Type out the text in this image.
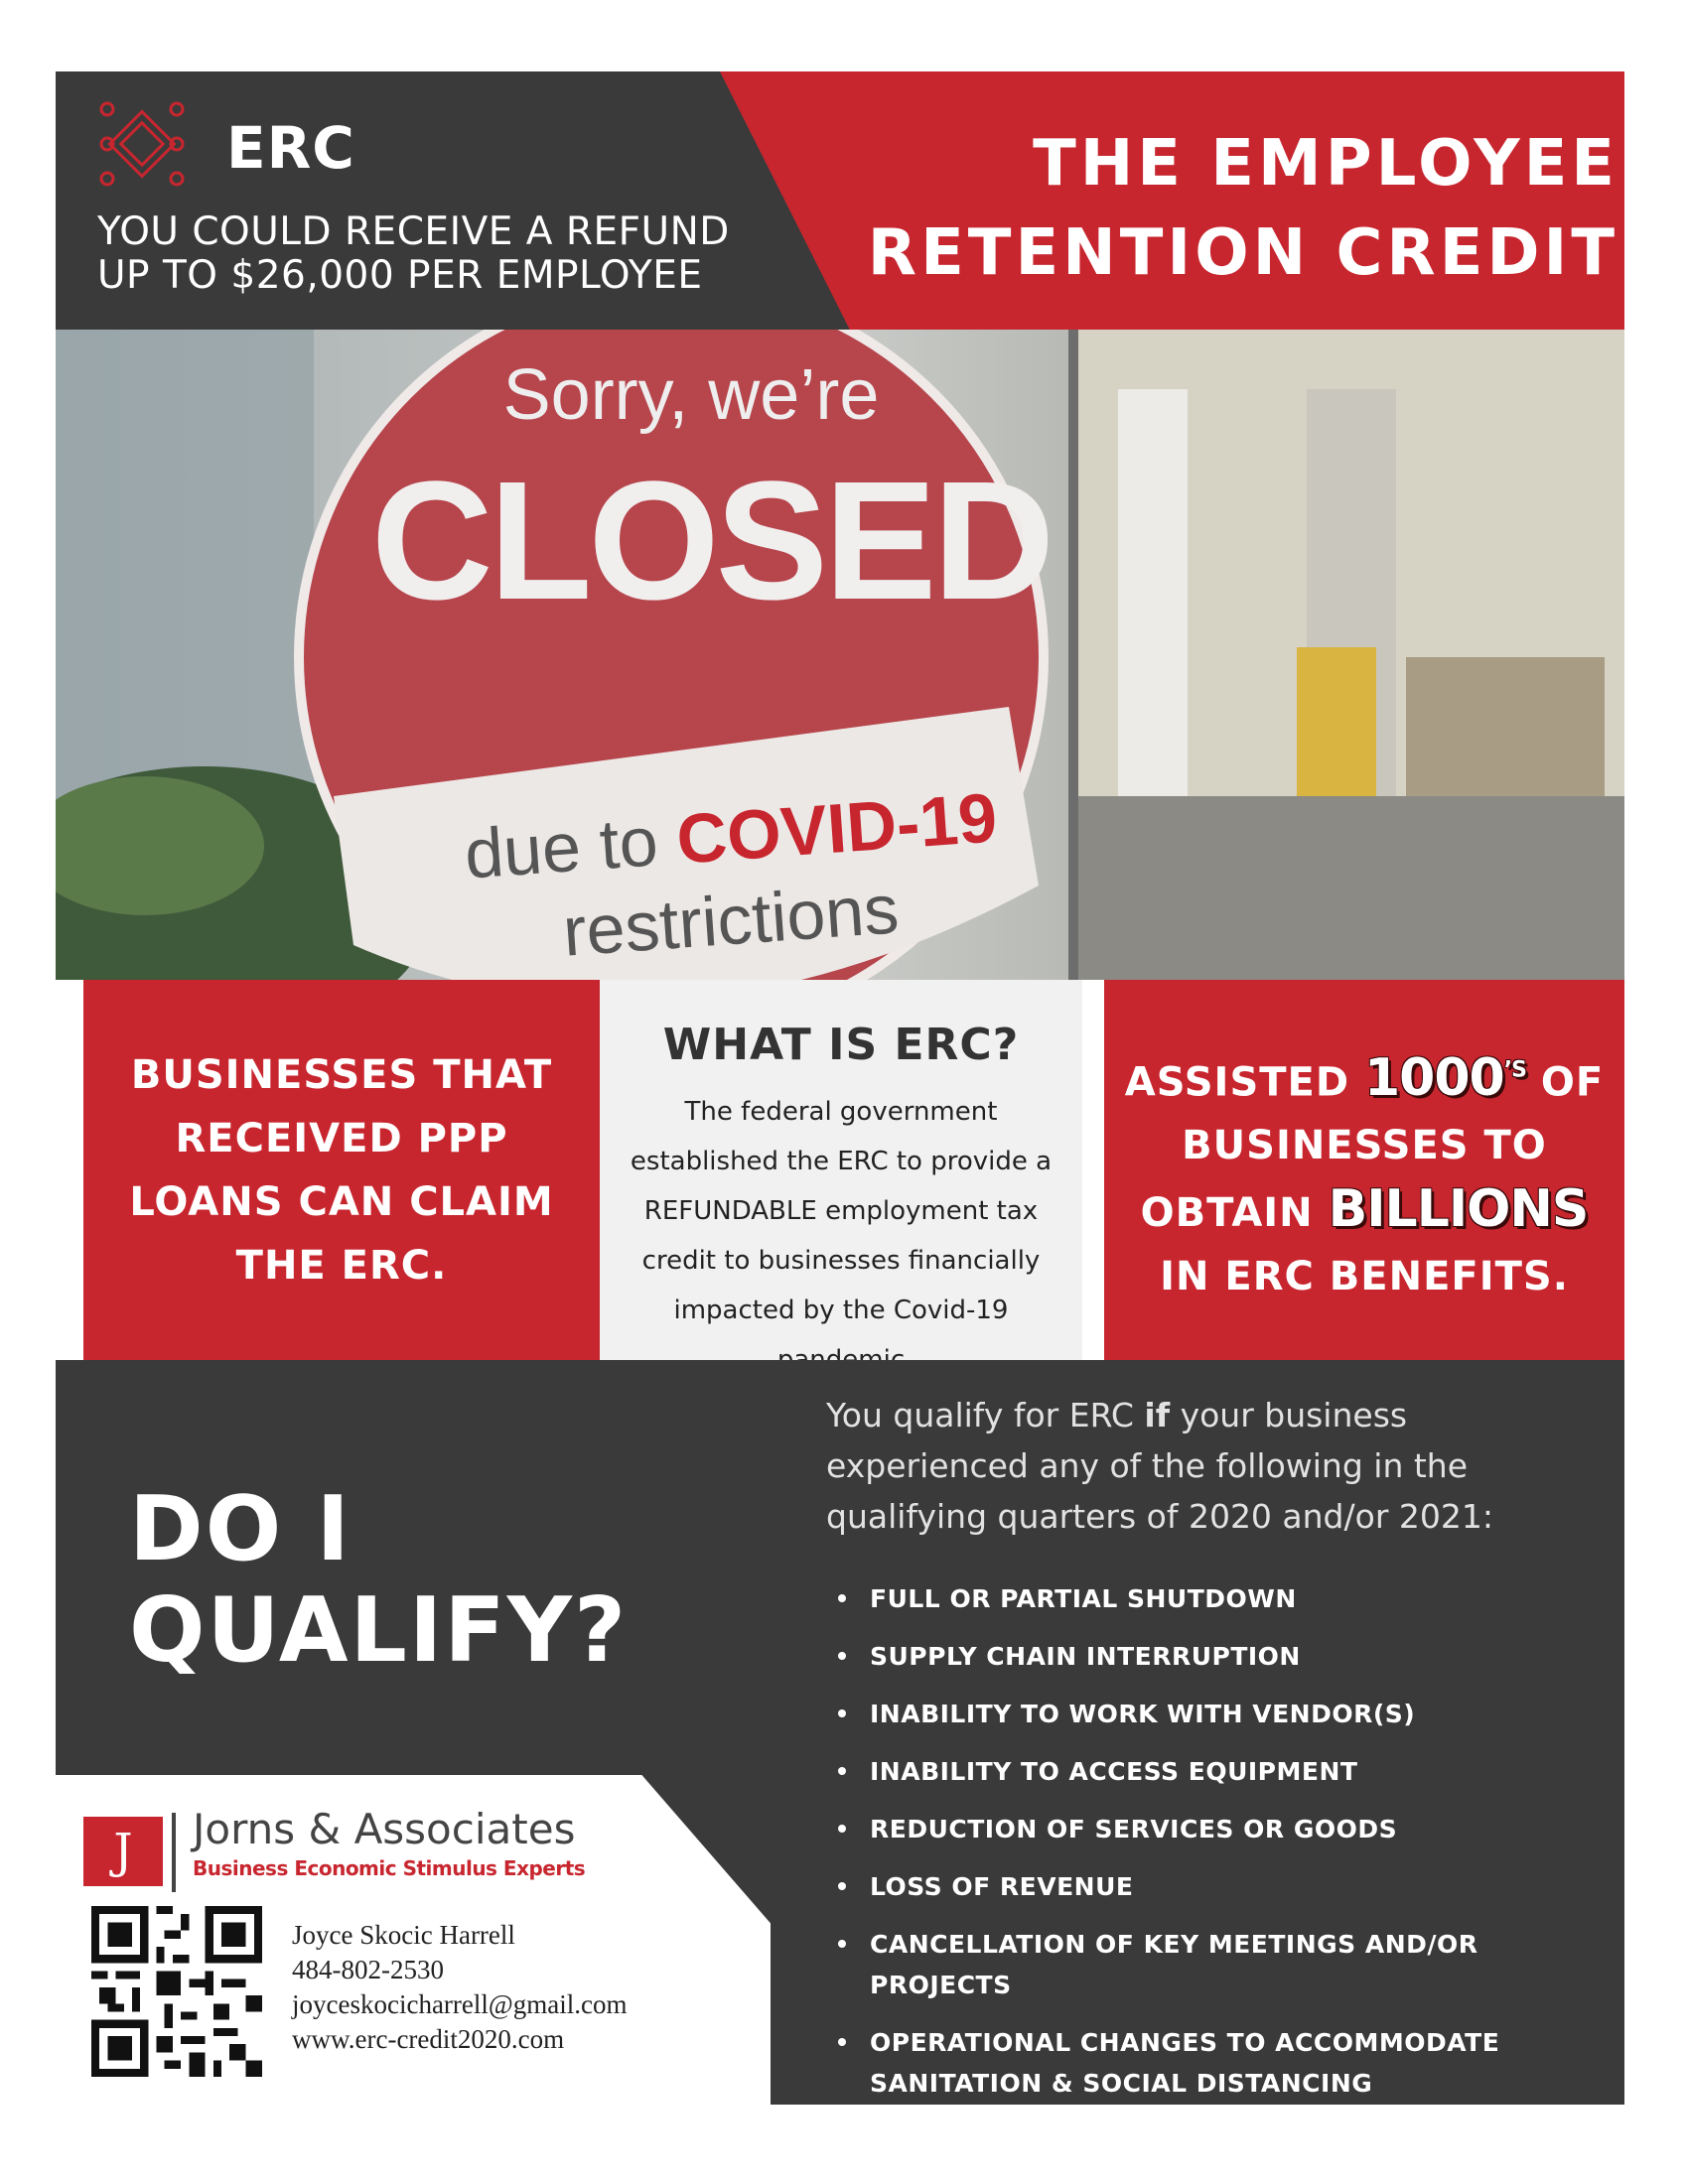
ERC
YOU COULD RECEIVE A REFUND
UP TO $26,000 PER EMPLOYEE
THE EMPLOYEE
RETENTION CREDIT
Sorry, we’re
CLOSED
due to COVID-19
restrictions
BUSINESSES THAT RECEIVED PPP LOANS CAN CLAIM THE ERC.
WHAT IS ERC?
The federal government established the ERC to provide a REFUNDABLE employment tax credit to businesses financially impacted by the Covid-19
ASSISTED $1000^{’S}$ OF BUSINESSES TO OBTAIN BILLIONS IN ERC BENEFITS.
DO I
QUALIFY?
You qualify for ERC if your business experienced any of the following in the qualifying quarters of 2020 and/or 2021:
FULL OR PARTIAL SHUTDOWN
SUPPLY CHAIN INTERRUPTION
INABILITY TO WORK WITH VENDOR(S)
INABILITY TO ACCESS EQUIPMENT
REDUCTION OF SERVICES OR GOODS
LOSS OF REVENUE
CANCELLATION OF KEY MEETINGS AND/OR PROJECTS
OPERATIONAL CHANGES TO ACCOMMODATE SANITATION & SOCIAL DISTANCING
J	Jorns & Associates
Business Economic Stimulus Experts
Joyce Skocic Harrell
484-802-2530
joyceskocicharrell@gmail.com
www.erc-credit2020.com
